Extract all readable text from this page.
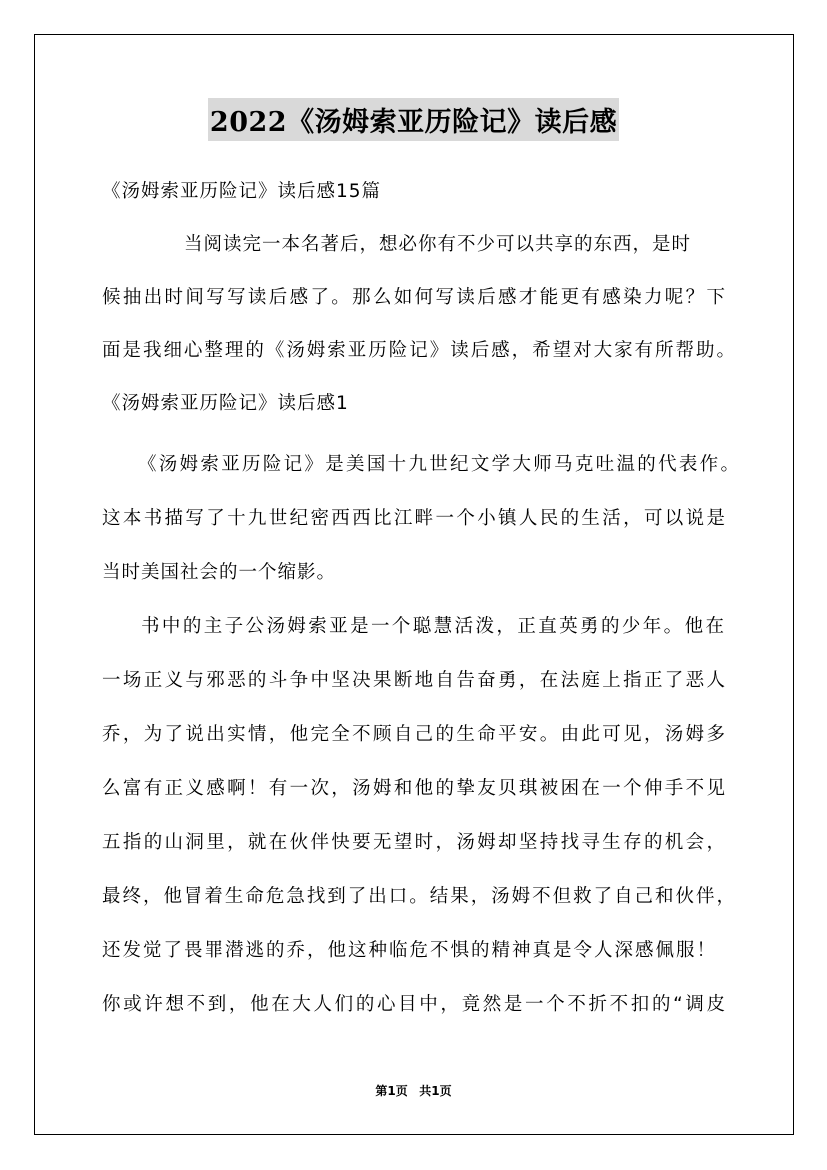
2022《汤姆索亚历险记》读后感
《汤姆索亚历险记》读后感15篇
当阅读完一本名著后，想必你有不少可以共享的东西，是时
候抽出时间写写读后感了。那么如何写读后感才能更有感染力呢？下
面是我细心整理的《汤姆索亚历险记》读后感，希望对大家有所帮助。
《汤姆索亚历险记》读后感1
《汤姆索亚历险记》是美国十九世纪文学大师马克吐温的代表作。
这本书描写了十九世纪密西西比江畔一个小镇人民的生活，可以说是
当时美国社会的一个缩影。
书中的主子公汤姆索亚是一个聪慧活泼，正直英勇的少年。他在
一场正义与邪恶的斗争中坚决果断地自告奋勇，在法庭上指正了恶人
乔，为了说出实情，他完全不顾自己的生命平安。由此可见，汤姆多
么富有正义感啊！有一次，汤姆和他的挚友贝琪被困在一个伸手不见
五指的山洞里，就在伙伴快要无望时，汤姆却坚持找寻生存的机会，
最终，他冒着生命危急找到了出口。结果，汤姆不但救了自己和伙伴，
还发觉了畏罪潜逃的乔，他这种临危不惧的精神真是令人深感佩服！
你或许想不到，他在大人们的心目中，竟然是一个不折不扣的“调皮
第1页 共1页
